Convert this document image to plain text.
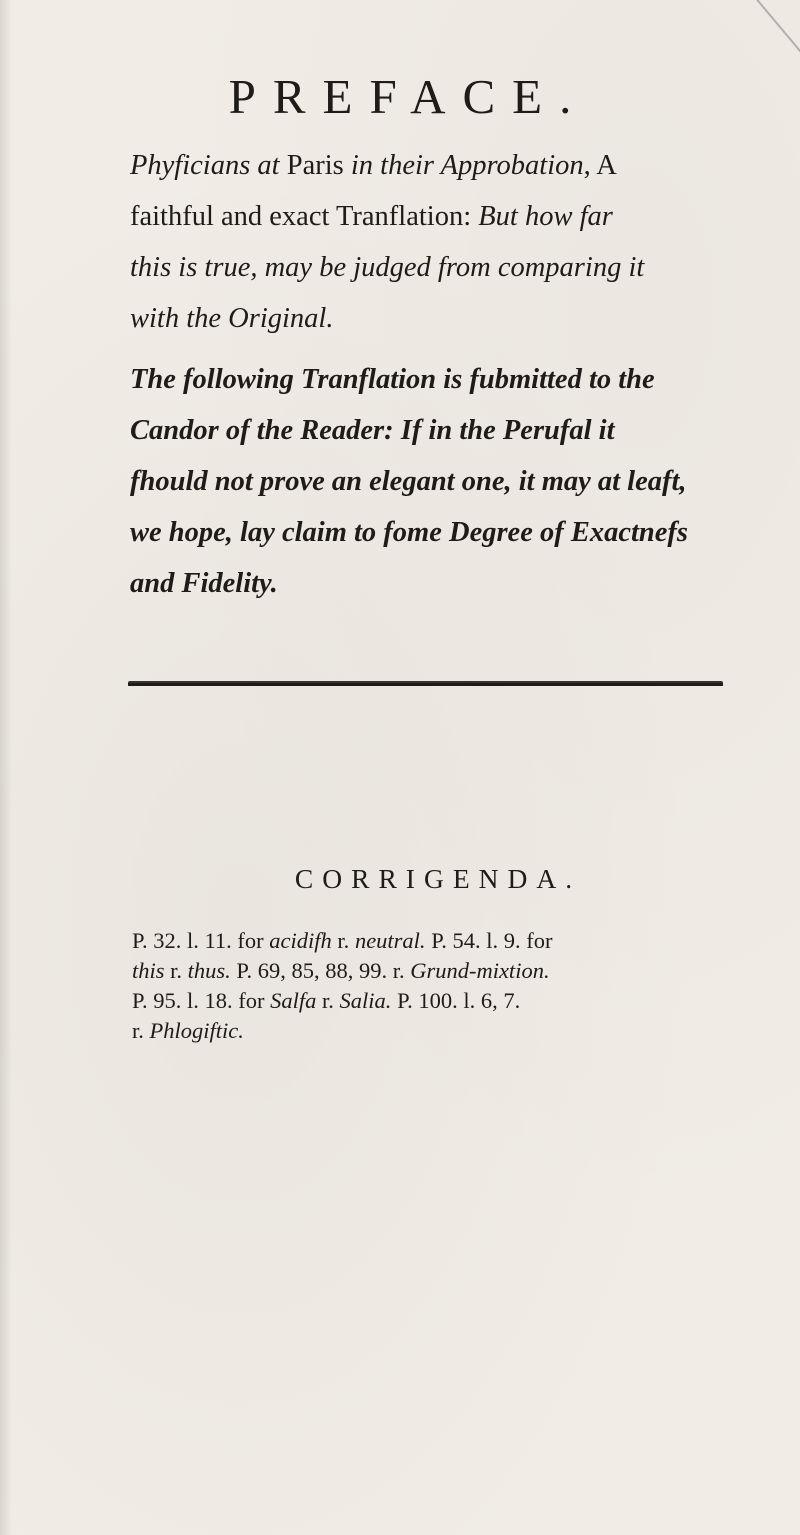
PREFACE.

Phyficians at Paris in their Approbation, A
faithful and exact Tranflation: But how far
this is true, may be judged from comparing it
with the Original.

The following Tranflation is fubmitted to the
Candor of the Reader: If in the Perufal it
fhould not prove an elegant one, it may at leaft,
we hope, lay claim to fome Degree of Exactnefs
and Fidelity.

CORRIGENDA.

P. 32. l. 11. for acidifh r. neutral. P. 54. l. 9. for
this r. thus. P. 69, 85, 88, 99. r. Grund-mixtion.
P. 95. l. 18. for Salfa r. Salia. P. 100. l. 6, 7.
r. Phlogiftic.
